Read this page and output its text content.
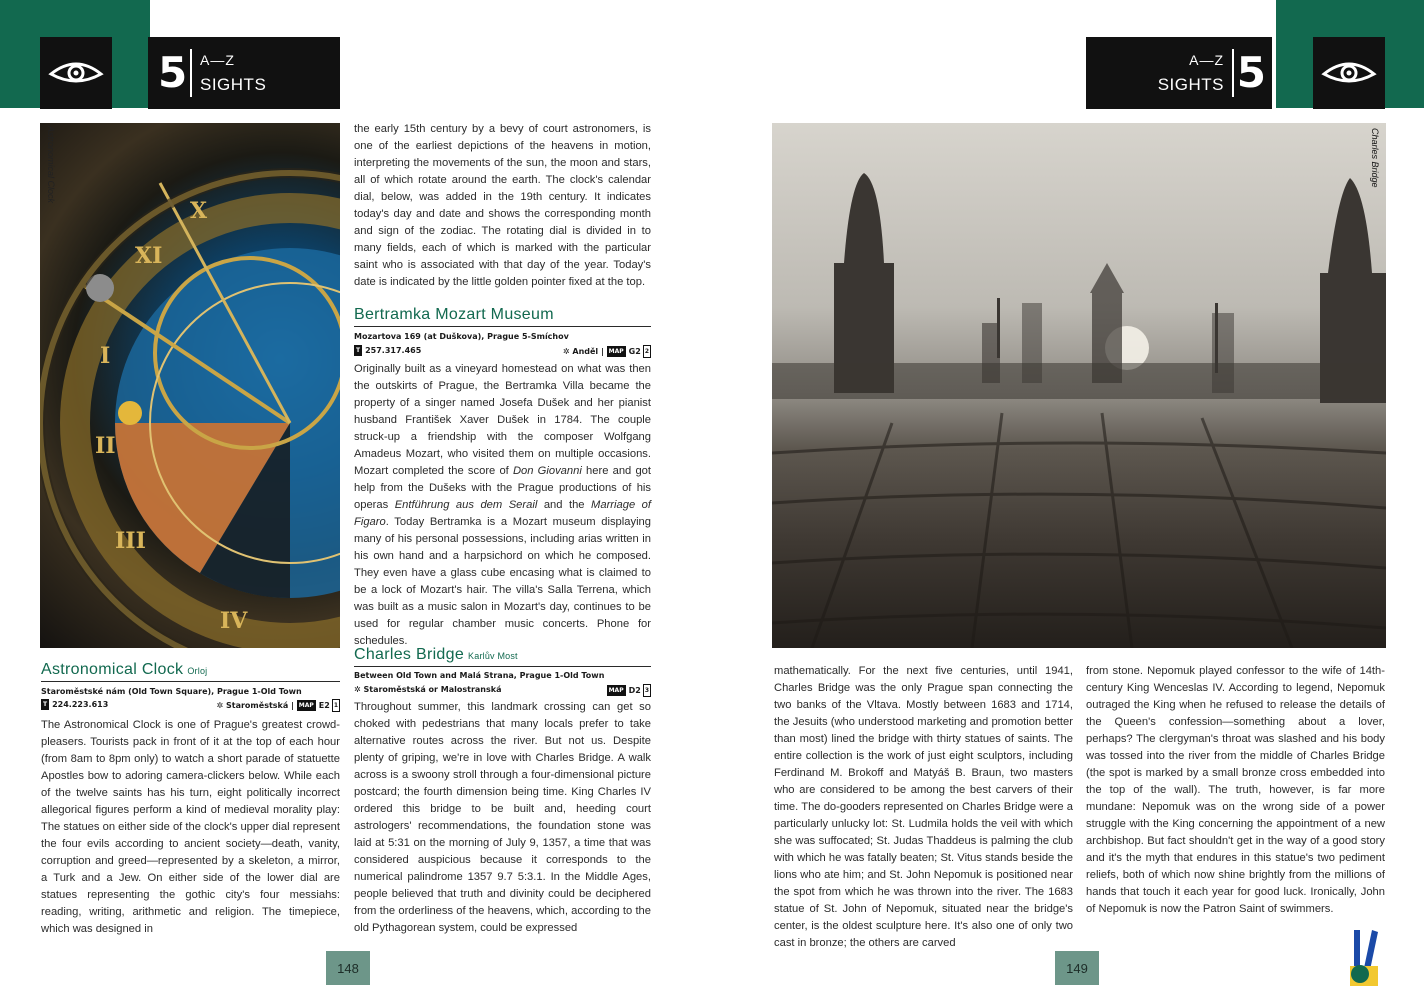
5 A—Z
SIGHTS	5
A—Z
SIGHTS
X
XI
I
II
III
IV
Astronomical Clock	Charles Bridge
Astronomical Clock Orloj
Staroměstské nám (Old Town Square), Prague 1-Old Town
T 224.223.613	✲ Staroměstská | MAP E2 1

The Astronomical Clock is one of Prague's greatest crowd-pleasers. Tourists pack in front of it at the top of each hour (from 8am to 8pm only) to watch a short parade of statuette Apostles bow to adoring camera-clickers below. While each of the twelve saints has his turn, eight politically incorrect allegorical figures perform a kind of medieval morality play: The statues on either side of the clock's upper dial represent the four evils according to ancient society—death, vanity, corruption and greed—represented by a skeleton, a mirror, a Turk and a Jew. On either side of the lower dial are statues representing the gothic city's four messiahs: reading, writing, arithmetic and religion. The timepiece, which was designed in

the early 15th century by a bevy of court astronomers, is one of the earliest depictions of the heavens in motion, interpreting the movements of the sun, the moon and stars, all of which rotate around the earth. The clock's calendar dial, below, was added in the 19th century. It indicates today's day and date and shows the corresponding month and sign of the zodiac. The rotating dial is divided in to many fields, each of which is marked with the particular saint who is associated with that day of the year. Today's date is indicated by the little golden pointer fixed at the top.

Bertramka Mozart Museum
Mozartova 169 (at Duškova), Prague 5-Smíchov
T 257.317.465	✲ Anděl | MAP G2 2

Originally built as a vineyard homestead on what was then the outskirts of Prague, the Bertramka Villa became the property of a singer named Josefa Dušek and her pianist husband František Xaver Dušek in 1784. The couple struck-up a friendship with the composer Wolfgang Amadeus Mozart, who visited them on multiple occasions. Mozart completed the score of Don Giovanni here and got help from the Dušeks with the Prague productions of his operas Entführung aus dem Serail and the Marriage of Figaro. Today Bertramka is a Mozart museum displaying many of his personal possessions, including arias written in his own hand and a harpsichord on which he composed. They even have a glass cube encasing what is claimed to be a lock of Mozart's hair. The villa's Salla Terrena, which was built as a music salon in Mozart's day, continues to be used for regular chamber music concerts. Phone for schedules.

Charles Bridge Karlův Most
Between Old Town and Malá Strana, Prague 1-Old Town
✲ Staroměstská or Malostranská	MAP D2 3

Throughout summer, this landmark crossing can get so choked with pedestrians that many locals prefer to take alternative routes across the river. But not us. Despite plenty of griping, we're in love with Charles Bridge. A walk across is a swoony stroll through a four-dimensional picture postcard; the fourth dimension being time. King Charles IV ordered this bridge to be built and, heeding court astrologers' recommendations, the foundation stone was laid at 5:31 on the morning of July 9, 1357, a time that was considered auspicious because it corresponds to the numerical palindrome 1357 9.7 5:3.1. In the Middle Ages, people believed that truth and divinity could be deciphered from the orderliness of the heavens, which, according to the old Pythagorean system, could be expressed

mathematically. For the next five centuries, until 1941, Charles Bridge was the only Prague span connecting the two banks of the Vltava. Mostly between 1683 and 1714, the Jesuits (who understood marketing and promotion better than most) lined the bridge with thirty statues of saints. The entire collection is the work of just eight sculptors, including Ferdinand M. Brokoff and Matyáš B. Braun, two masters who are considered to be among the best carvers of their time. The do-gooders represented on Charles Bridge were a particularly unlucky lot: St. Ludmila holds the veil with which she was suffocated; St. Judas Thaddeus is palming the club with which he was fatally beaten; St. Vitus stands beside the lions who ate him; and St. John Nepomuk is positioned near the spot from which he was thrown into the river. The 1683 statue of St. John of Nepomuk, situated near the bridge's center, is the oldest sculpture here. It's also one of only two cast in bronze; the others are carved

from stone. Nepomuk played confessor to the wife of 14th-century King Wenceslas IV. According to legend, Nepomuk outraged the King when he refused to release the details of the Queen's confession—something about a lover, perhaps? The clergyman's throat was slashed and his body was tossed into the river from the middle of Charles Bridge (the spot is marked by a small bronze cross embedded into the top of the wall). The truth, however, is far more mundane: Nepomuk was on the wrong side of a power struggle with the King concerning the appointment of a new archbishop. But fact shouldn't get in the way of a good story and it's the myth that endures in this statue's two pediment reliefs, both of which now shine brightly from the millions of hands that touch it each year for good luck. Ironically, John of Nepomuk is now the Patron Saint of swimmers.

148	149
